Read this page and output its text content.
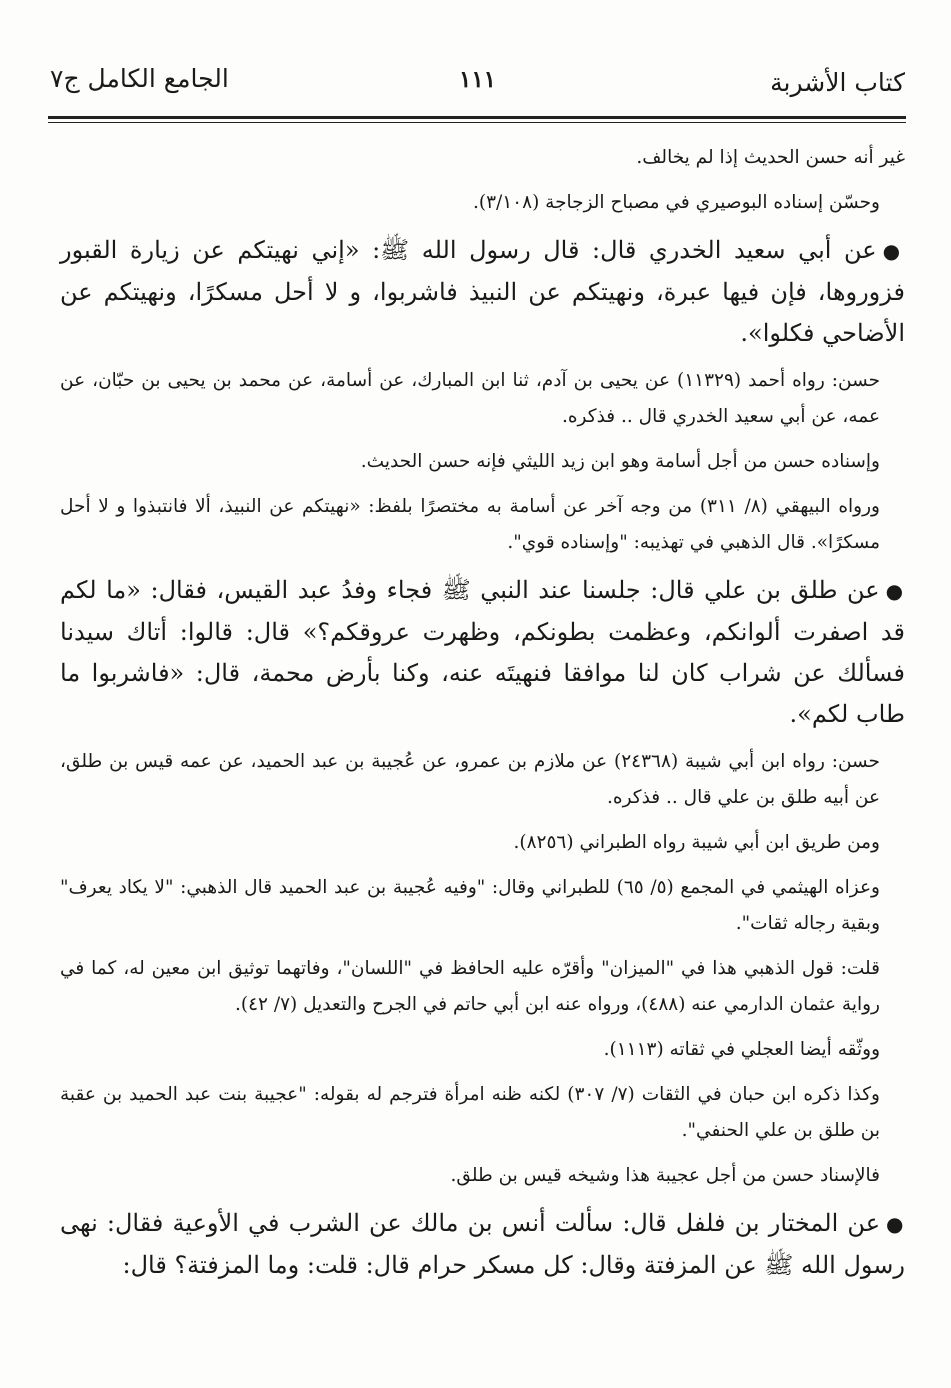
كتاب الأشربة
١١١
الجامع الكامل ج٧

غير أنه حسن الحديث إذا لم يخالف.

وحسّن إسناده البوصيري في مصباح الزجاجة (٣/١٠٨).

●عن أبي سعيد الخدري قال: قال رسول الله ﷺ: «إني نهيتكم عن زيارة القبور فزوروها، فإن فيها عبرة، ونهيتكم عن النبيذ فاشربوا، و لا أحل مسكرًا، ونهيتكم عن الأضاحي فكلوا».

حسن: رواه أحمد (١١٣٢٩) عن يحيى بن آدم، ثنا ابن المبارك، عن أسامة، عن محمد بن يحيى بن حبّان، عن عمه، عن أبي سعيد الخدري قال .. فذكره.

وإسناده حسن من أجل أسامة وهو ابن زيد الليثي فإنه حسن الحديث.

ورواه البيهقي (٨/ ٣١١) من وجه آخر عن أسامة به مختصرًا بلفظ: «نهيتكم عن النبيذ، ألا فانتبذوا و لا أحل مسكرًا». قال الذهبي في تهذيبه: "وإسناده قوي".

●عن طلق بن علي قال: جلسنا عند النبي ﷺ فجاء وفدُ عبد القيس، فقال: «ما لكم قد اصفرت ألوانكم، وعظمت بطونكم، وظهرت عروقكم؟» قال: قالوا: أتاك سيدنا فسألك عن شراب كان لنا موافقا فنهيتَه عنه، وكنا بأرض محمة، قال: «فاشربوا ما طاب لكم».

حسن: رواه ابن أبي شيبة (٢٤٣٦٨) عن ملازم بن عمرو، عن عُجيبة بن عبد الحميد، عن عمه قيس بن طلق، عن أبيه طلق بن علي قال .. فذكره.

ومن طريق ابن أبي شيبة رواه الطبراني (٨٢٥٦).

وعزاه الهيثمي في المجمع (٥/ ٦٥) للطبراني وقال: "وفيه عُجيبة بن عبد الحميد قال الذهبي: "لا يكاد يعرف" وبقية رجاله ثقات".

قلت: قول الذهبي هذا في "الميزان" وأقرّه عليه الحافظ في "اللسان"، وفاتهما توثيق ابن معين له، كما في رواية عثمان الدارمي عنه (٤٨٨)، ورواه عنه ابن أبي حاتم في الجرح والتعديل (٧/ ٤٢).

ووثّقه أيضا العجلي في ثقاته (١١١٣).

وكذا ذكره ابن حبان في الثقات (٧/ ٣٠٧) لكنه ظنه امرأة فترجم له بقوله: "عجيبة بنت عبد الحميد بن عقبة بن طلق بن علي الحنفي".

فالإسناد حسن من أجل عجيبة هذا وشيخه قيس بن طلق.

●عن المختار بن فلفل قال: سألت أنس بن مالك عن الشرب في الأوعية فقال: نهى رسول الله ﷺ عن المزفتة وقال: كل مسكر حرام قال: قلت: وما المزفتة؟ قال:
